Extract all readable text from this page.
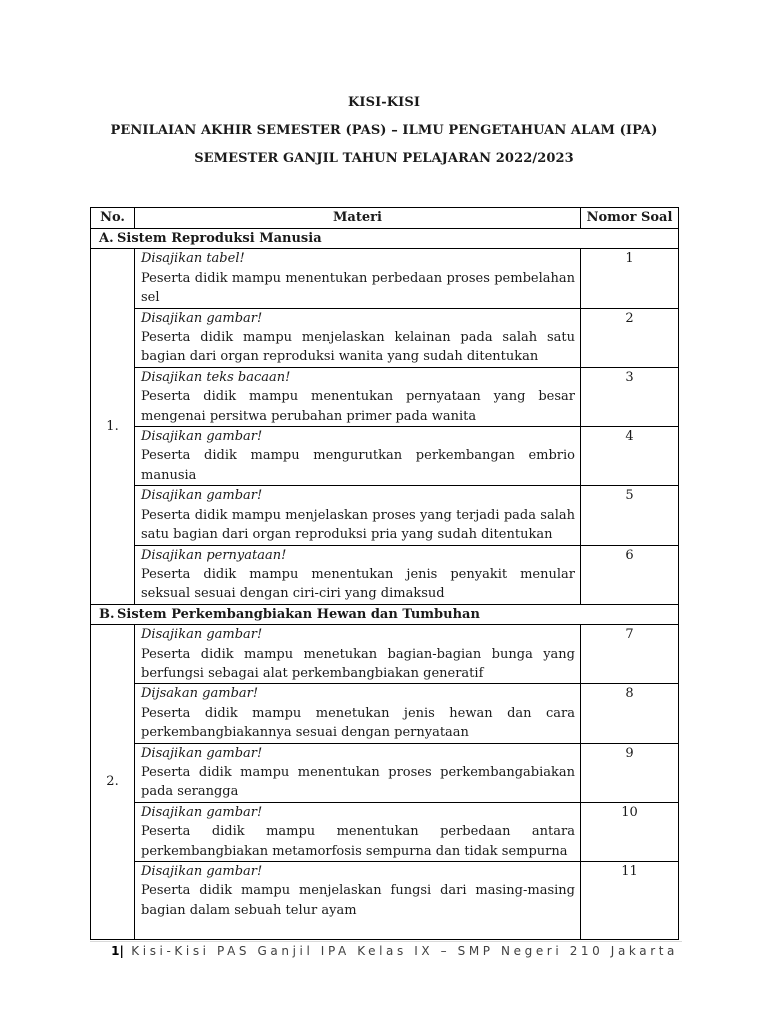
KISI-KISI
PENILAIAN AKHIR SEMESTER (PAS) – ILMU PENGETAHUAN ALAM (IPA)
SEMESTER GANJIL TAHUN PELAJARAN 2022/2023
No.	Materi	Nomor Soal
A. Sistem Reproduksi Manusia		
1.	Disajikan tabel!
Peserta didik mampu menentukan perbedaan proses pembelahan sel	1

	Disajikan gambar!
Peserta didik mampu menjelaskan kelainan pada salah satu bagian dari organ reproduksi wanita yang sudah ditentukan	2

	Disajikan teks bacaan!
Peserta didik mampu menentukan pernyataan yang besar mengenai persitwa perubahan primer pada wanita	3

	Disajikan gambar!
Peserta didik mampu mengurutkan perkembangan embrio manusia	4

	Disajikan gambar!
Peserta didik mampu menjelaskan proses yang terjadi pada salah satu bagian dari organ reproduksi pria yang sudah ditentukan	5

	Disajikan pernyataan!
Peserta didik mampu menentukan jenis penyakit menular seksual sesuai dengan ciri-ciri yang dimaksud	6
B. Sistem Perkembangbiakan Hewan dan Tumbuhan		
2.	Disajikan gambar!
Peserta didik mampu menetukan bagian-bagian bunga yang berfungsi sebagai alat perkembangbiakan generatif	7

	Dijsakan gambar!
Peserta didik mampu menetukan jenis hewan dan cara perkembangbiakannya sesuai dengan pernyataan	8

	Disajikan gambar!
Peserta didik mampu menentukan proses perkembangabiakan pada serangga	9

	Disajikan gambar!
Peserta didik mampu menentukan perbedaan antara perkembangbiakan metamorfosis sempurna dan tidak sempurna	10

	Disajikan gambar!
Peserta didik mampu menjelaskan fungsi dari masing-masing bagian dalam sebuah telur ayam	11
1| Kisi-Kisi PAS Ganjil IPA Kelas IX – SMP Negeri 210 Jakarta
